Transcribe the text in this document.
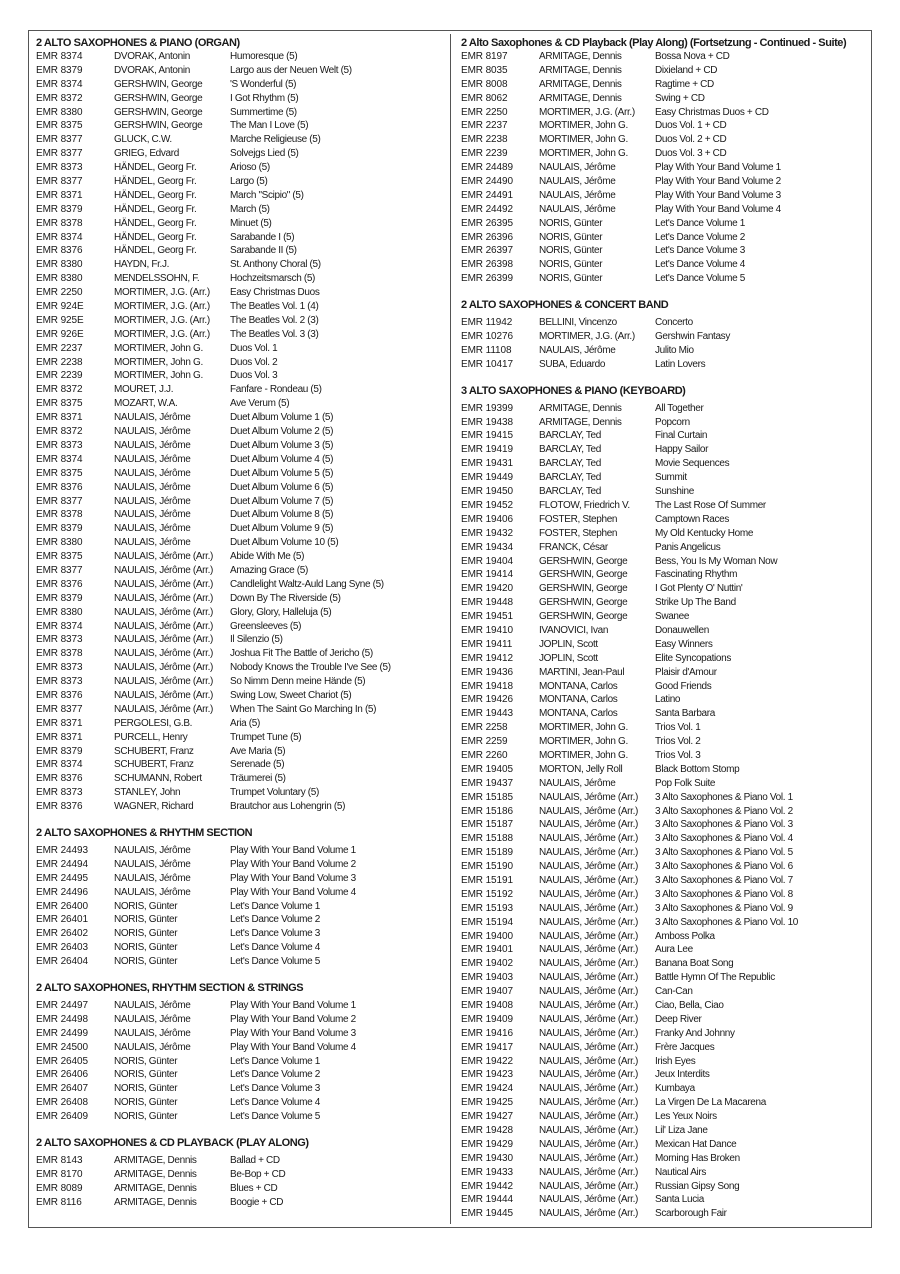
2 ALTO SAXOPHONES & PIANO (ORGAN)
EMR 8374	DVORAK, Antonin	Humoresque (5)
EMR 8379	DVORAK, Antonin	Largo aus der Neuen Welt (5)
EMR 8374	GERSHWIN, George	'S Wonderful (5)
EMR 8372	GERSHWIN, George	I Got Rhythm (5)
EMR 8380	GERSHWIN, George	Summertime (5)
EMR 8375	GERSHWIN, George	The Man I Love (5)
EMR 8377	GLUCK, C.W.	Marche Religieuse (5)
EMR 8377	GRIEG, Edvard	Solvejgs Lied (5)
EMR 8373	HÄNDEL, Georg Fr.	Arioso (5)
EMR 8377	HÄNDEL, Georg Fr.	Largo (5)
EMR 8371	HÄNDEL, Georg Fr.	March "Scipio" (5)
EMR 8379	HÄNDEL, Georg Fr.	March (5)
EMR 8378	HÄNDEL, Georg Fr.	Minuet (5)
EMR 8374	HÄNDEL, Georg Fr.	Sarabande I (5)
EMR 8376	HÄNDEL, Georg Fr.	Sarabande II (5)
EMR 8380	HAYDN, Fr.J.	St. Anthony Choral (5)
EMR 8380	MENDELSSOHN, F.	Hochzeitsmarsch (5)
EMR 2250	MORTIMER, J.G. (Arr.)	Easy Christmas Duos
EMR 924E	MORTIMER, J.G. (Arr.)	The Beatles Vol. 1 (4)
EMR 925E	MORTIMER, J.G. (Arr.)	The Beatles Vol. 2 (3)
EMR 926E	MORTIMER, J.G. (Arr.)	The Beatles Vol. 3 (3)
EMR 2237	MORTIMER, John G.	Duos Vol. 1
EMR 2238	MORTIMER, John G.	Duos Vol. 2
EMR 2239	MORTIMER, John G.	Duos Vol. 3
EMR 8372	MOURET, J.J.	Fanfare - Rondeau (5)
EMR 8375	MOZART, W.A.	Ave Verum (5)
EMR 8371	NAULAIS, Jérôme	Duet Album Volume 1 (5)
EMR 8372	NAULAIS, Jérôme	Duet Album Volume 2 (5)
EMR 8373	NAULAIS, Jérôme	Duet Album Volume 3 (5)
EMR 8374	NAULAIS, Jérôme	Duet Album Volume 4 (5)
EMR 8375	NAULAIS, Jérôme	Duet Album Volume 5 (5)
EMR 8376	NAULAIS, Jérôme	Duet Album Volume 6 (5)
EMR 8377	NAULAIS, Jérôme	Duet Album Volume 7 (5)
EMR 8378	NAULAIS, Jérôme	Duet Album Volume 8 (5)
EMR 8379	NAULAIS, Jérôme	Duet Album Volume 9 (5)
EMR 8380	NAULAIS, Jérôme	Duet Album Volume 10 (5)
EMR 8375	NAULAIS, Jérôme (Arr.)	Abide With Me (5)
EMR 8377	NAULAIS, Jérôme (Arr.)	Amazing Grace (5)
EMR 8376	NAULAIS, Jérôme (Arr.)	Candlelight Waltz-Auld Lang Syne (5)
EMR 8379	NAULAIS, Jérôme (Arr.)	Down By The Riverside (5)
EMR 8380	NAULAIS, Jérôme (Arr.)	Glory, Glory, Halleluja (5)
EMR 8374	NAULAIS, Jérôme (Arr.)	Greensleeves (5)
EMR 8373	NAULAIS, Jérôme (Arr.)	Il Silenzio (5)
EMR 8378	NAULAIS, Jérôme (Arr.)	Joshua Fit The Battle of Jericho (5)
EMR 8373	NAULAIS, Jérôme (Arr.)	Nobody Knows the Trouble I've See (5)
EMR 8373	NAULAIS, Jérôme (Arr.)	So Nimm Denn meine Hände (5)
EMR 8376	NAULAIS, Jérôme (Arr.)	Swing Low, Sweet Chariot (5)
EMR 8377	NAULAIS, Jérôme (Arr.)	When The Saint Go Marching In (5)
EMR 8371	PERGOLESI, G.B.	Aria (5)
EMR 8371	PURCELL, Henry	Trumpet Tune (5)
EMR 8379	SCHUBERT, Franz	Ave Maria (5)
EMR 8374	SCHUBERT, Franz	Serenade (5)
EMR 8376	SCHUMANN, Robert	Träumerei (5)
EMR 8373	STANLEY, John	Trumpet Voluntary (5)
EMR 8376	WAGNER, Richard	Brautchor aus Lohengrin (5)
2 ALTO SAXOPHONES & RHYTHM SECTION
EMR 24493	NAULAIS, Jérôme	Play With Your Band Volume 1
EMR 24494	NAULAIS, Jérôme	Play With Your Band Volume 2
EMR 24495	NAULAIS, Jérôme	Play With Your Band Volume 3
EMR 24496	NAULAIS, Jérôme	Play With Your Band Volume 4
EMR 26400	NORIS, Günter	Let's Dance Volume 1
EMR 26401	NORIS, Günter	Let's Dance Volume 2
EMR 26402	NORIS, Günter	Let's Dance Volume 3
EMR 26403	NORIS, Günter	Let's Dance Volume 4
EMR 26404	NORIS, Günter	Let's Dance Volume 5
2 ALTO SAXOPHONES, RHYTHM SECTION & STRINGS
EMR 24497	NAULAIS, Jérôme	Play With Your Band Volume 1
EMR 24498	NAULAIS, Jérôme	Play With Your Band Volume 2
EMR 24499	NAULAIS, Jérôme	Play With Your Band Volume 3
EMR 24500	NAULAIS, Jérôme	Play With Your Band Volume 4
EMR 26405	NORIS, Günter	Let's Dance Volume 1
EMR 26406	NORIS, Günter	Let's Dance Volume 2
EMR 26407	NORIS, Günter	Let's Dance Volume 3
EMR 26408	NORIS, Günter	Let's Dance Volume 4
EMR 26409	NORIS, Günter	Let's Dance Volume 5
2 ALTO SAXOPHONES & CD PLAYBACK (PLAY ALONG)
EMR 8143	ARMITAGE, Dennis	Ballad + CD
EMR 8170	ARMITAGE, Dennis	Be-Bop + CD
EMR 8089	ARMITAGE, Dennis	Blues + CD
EMR 8116	ARMITAGE, Dennis	Boogie + CD
2 Alto Saxophones & CD Playback (Play Along) (Fortsetzung - Continued - Suite)
EMR 8197	ARMITAGE, Dennis	Bossa Nova + CD
EMR 8035	ARMITAGE, Dennis	Dixieland + CD
EMR 8008	ARMITAGE, Dennis	Ragtime + CD
EMR 8062	ARMITAGE, Dennis	Swing + CD
EMR 2250	MORTIMER, J.G. (Arr.)	Easy Christmas Duos + CD
EMR 2237	MORTIMER, John G.	Duos Vol. 1 + CD
EMR 2238	MORTIMER, John G.	Duos Vol. 2 + CD
EMR 2239	MORTIMER, John G.	Duos Vol. 3 + CD
EMR 24489	NAULAIS, Jérôme	Play With Your Band Volume 1
EMR 24490	NAULAIS, Jérôme	Play With Your Band Volume 2
EMR 24491	NAULAIS, Jérôme	Play With Your Band Volume 3
EMR 24492	NAULAIS, Jérôme	Play With Your Band Volume 4
EMR 26395	NORIS, Günter	Let's Dance Volume 1
EMR 26396	NORIS, Günter	Let's Dance Volume 2
EMR 26397	NORIS, Günter	Let's Dance Volume 3
EMR 26398	NORIS, Günter	Let's Dance Volume 4
EMR 26399	NORIS, Günter	Let's Dance Volume 5
2 ALTO SAXOPHONES & CONCERT BAND
EMR 11942	BELLINI, Vincenzo	Concerto
EMR 10276	MORTIMER, J.G. (Arr.)	Gershwin Fantasy
EMR 11108	NAULAIS, Jérôme	Julito Mio
EMR 10417	SUBA, Eduardo	Latin Lovers
3 ALTO SAXOPHONES & PIANO (KEYBOARD)
EMR 19399	ARMITAGE, Dennis	All Together
EMR 19438	ARMITAGE, Dennis	Popcorn
EMR 19415	BARCLAY, Ted	Final Curtain
EMR 19419	BARCLAY, Ted	Happy Sailor
EMR 19431	BARCLAY, Ted	Movie Sequences
EMR 19449	BARCLAY, Ted	Summit
EMR 19450	BARCLAY, Ted	Sunshine
EMR 19452	FLOTOW, Friedrich V.	The Last Rose Of Summer
EMR 19406	FOSTER, Stephen	Camptown Races
EMR 19432	FOSTER, Stephen	My Old Kentucky Home
EMR 19434	FRANCK, César	Panis Angelicus
EMR 19404	GERSHWIN, George	Bess, You Is My Woman Now
EMR 19414	GERSHWIN, George	Fascinating Rhythm
EMR 19420	GERSHWIN, George	I Got Plenty O' Nuttin'
EMR 19448	GERSHWIN, George	Strike Up The Band
EMR 19451	GERSHWIN, George	Swanee
EMR 19410	IVANOVICI, Ivan	Donauwellen
EMR 19411	JOPLIN, Scott	Easy Winners
EMR 19412	JOPLIN, Scott	Elite Syncopations
EMR 19436	MARTINI, Jean-Paul	Plaisir d'Amour
EMR 19418	MONTANA, Carlos	Good Friends
EMR 19426	MONTANA, Carlos	Latino
EMR 19443	MONTANA, Carlos	Santa Barbara
EMR 2258	MORTIMER, John G.	Trios Vol. 1
EMR 2259	MORTIMER, John G.	Trios Vol. 2
EMR 2260	MORTIMER, John G.	Trios Vol. 3
EMR 19405	MORTON, Jelly Roll	Black Bottom Stomp
EMR 19437	NAULAIS, Jérôme	Pop Folk Suite
EMR 15185	NAULAIS, Jérôme (Arr.)	3 Alto Saxophones & Piano Vol. 1
EMR 15186	NAULAIS, Jérôme (Arr.)	3 Alto Saxophones & Piano Vol. 2
EMR 15187	NAULAIS, Jérôme (Arr.)	3 Alto Saxophones & Piano Vol. 3
EMR 15188	NAULAIS, Jérôme (Arr.)	3 Alto Saxophones & Piano Vol. 4
EMR 15189	NAULAIS, Jérôme (Arr.)	3 Alto Saxophones & Piano Vol. 5
EMR 15190	NAULAIS, Jérôme (Arr.)	3 Alto Saxophones & Piano Vol. 6
EMR 15191	NAULAIS, Jérôme (Arr.)	3 Alto Saxophones & Piano Vol. 7
EMR 15192	NAULAIS, Jérôme (Arr.)	3 Alto Saxophones & Piano Vol. 8
EMR 15193	NAULAIS, Jérôme (Arr.)	3 Alto Saxophones & Piano Vol. 9
EMR 15194	NAULAIS, Jérôme (Arr.)	3 Alto Saxophones & Piano Vol. 10
EMR 19400	NAULAIS, Jérôme (Arr.)	Amboss Polka
EMR 19401	NAULAIS, Jérôme (Arr.)	Aura Lee
EMR 19402	NAULAIS, Jérôme (Arr.)	Banana Boat Song
EMR 19403	NAULAIS, Jérôme (Arr.)	Battle Hymn Of The Republic
EMR 19407	NAULAIS, Jérôme (Arr.)	Can-Can
EMR 19408	NAULAIS, Jérôme (Arr.)	Ciao, Bella, Ciao
EMR 19409	NAULAIS, Jérôme (Arr.)	Deep River
EMR 19416	NAULAIS, Jérôme (Arr.)	Franky And Johnny
EMR 19417	NAULAIS, Jérôme (Arr.)	Frère Jacques
EMR 19422	NAULAIS, Jérôme (Arr.)	Irish Eyes
EMR 19423	NAULAIS, Jérôme (Arr.)	Jeux Interdits
EMR 19424	NAULAIS, Jérôme (Arr.)	Kumbaya
EMR 19425	NAULAIS, Jérôme (Arr.)	La Virgen De La Macarena
EMR 19427	NAULAIS, Jérôme (Arr.)	Les Yeux Noirs
EMR 19428	NAULAIS, Jérôme (Arr.)	Lil' Liza Jane
EMR 19429	NAULAIS, Jérôme (Arr.)	Mexican Hat Dance
EMR 19430	NAULAIS, Jérôme (Arr.)	Morning Has Broken
EMR 19433	NAULAIS, Jérôme (Arr.)	Nautical Airs
EMR 19442	NAULAIS, Jérôme (Arr.)	Russian Gipsy Song
EMR 19444	NAULAIS, Jérôme (Arr.)	Santa Lucia
EMR 19445	NAULAIS, Jérôme (Arr.)	Scarborough Fair
